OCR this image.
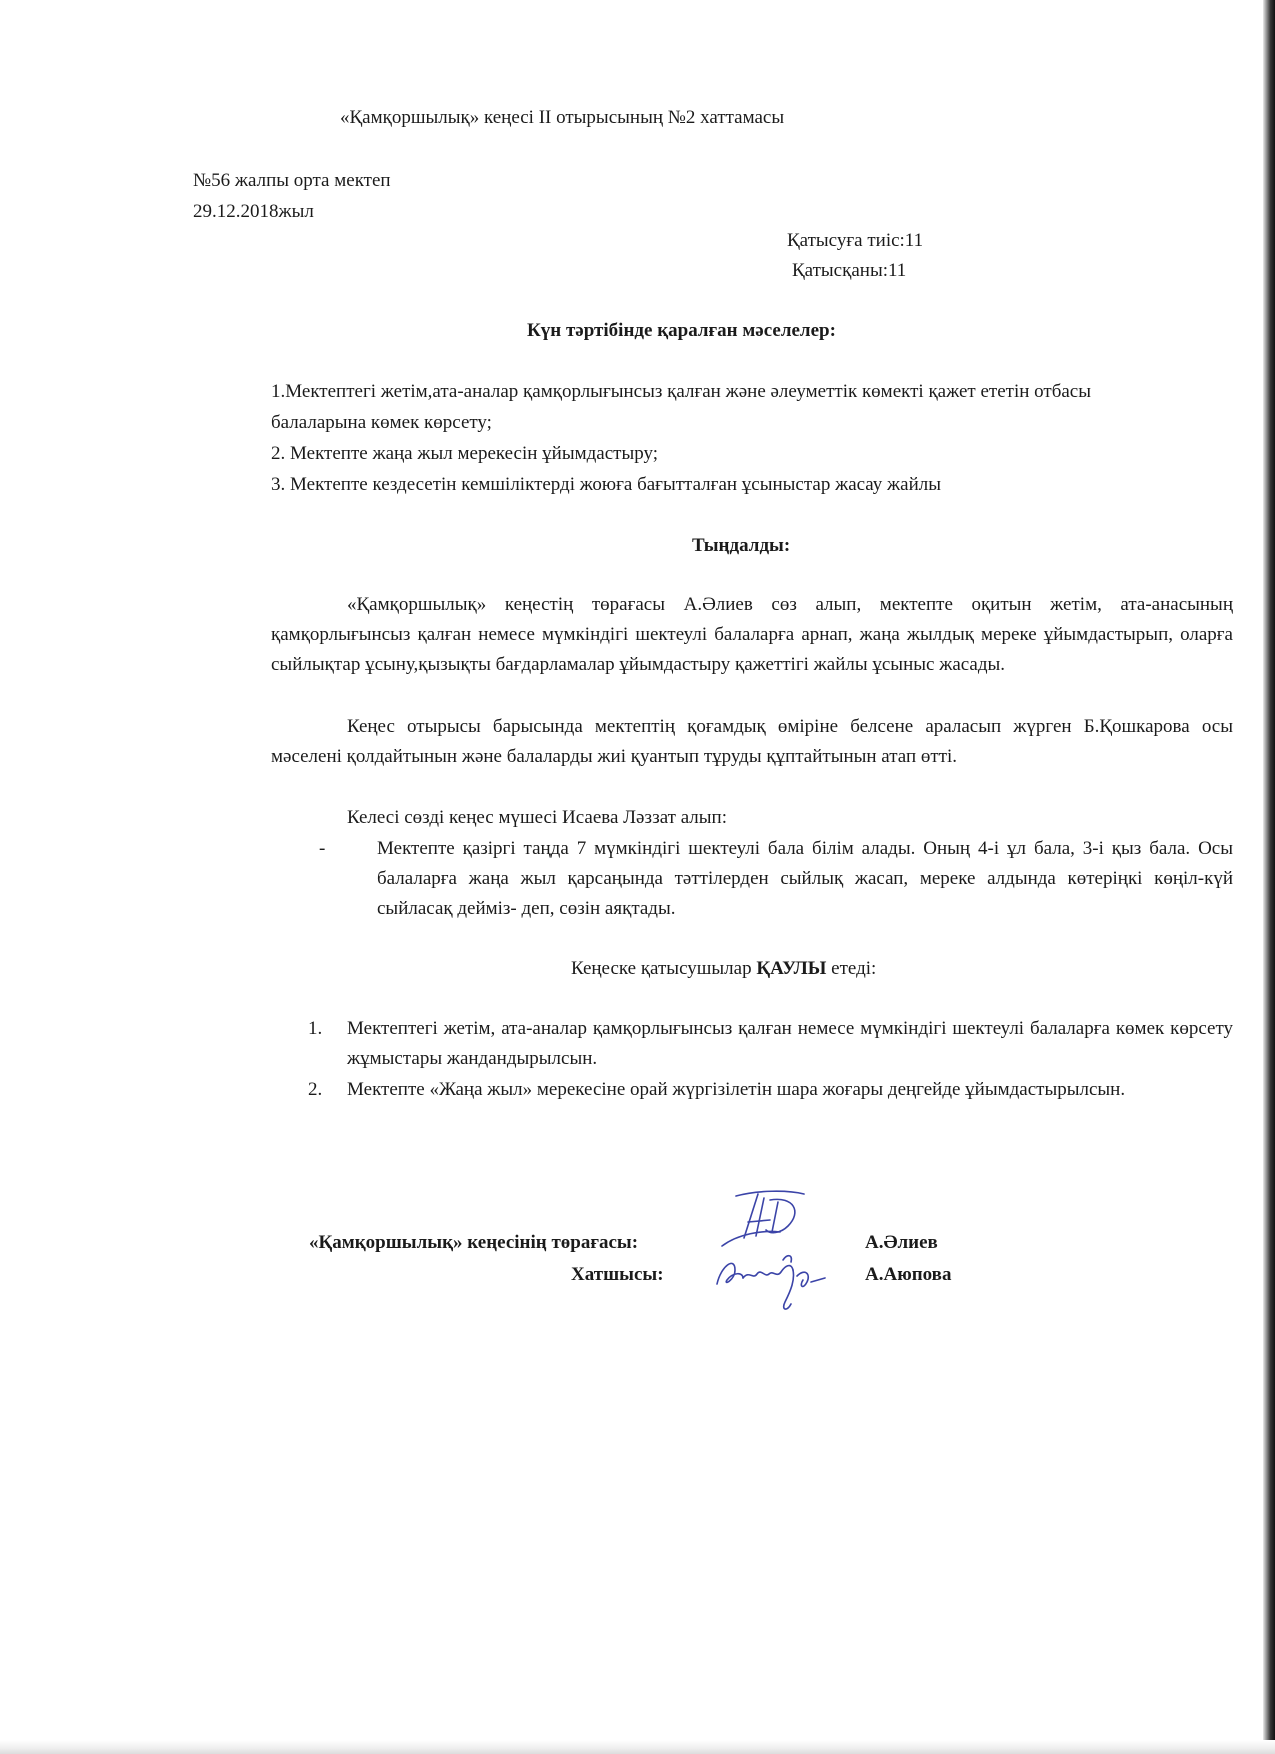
«Қамқоршылық» кеңесі ІІ отырысының №2 хаттамасы
№56 жалпы орта мектеп
29.12.2018жыл
Қатысуға тиіс:11
Қатысқаны:11
Күн тәртібінде қаралған мәселелер:
1.Мектептегі жетім,ата-аналар қамқорлығынсыз қалған және әлеуметтік көмекті қажет ететін отбасы балаларына көмек көрсету;
2. Мектепте жаңа жыл мерекесін ұйымдастыру;
3. Мектепте кездесетін кемшіліктерді жоюға бағытталған ұсыныстар жасау жайлы
Тыңдалды:
«Қамқоршылық» кеңестің төрағасы А.Әлиев сөз алып, мектепте оқитын жетім, ата-анасының қамқорлығынсыз қалған немесе мүмкіндігі шектеулі балаларға арнап, жаңа жылдық мереке ұйымдастырып, оларға сыйлықтар ұсыну,қызықты бағдарламалар ұйымдастыру қажеттігі жайлы ұсыныс жасады.
Кеңес отырысы барысында мектептің қоғамдық өміріне белсене араласып жүрген Б.Қошкарова осы мәселені қолдайтынын және балаларды жиі қуантып тұруды құптайтынын атап өтті.
Келесі сөзді кеңес мүшесі Исаева Ләззат алып:
-	Мектепте қазіргі таңда 7 мүмкіндігі шектеулі бала білім алады. Оның 4-і ұл бала, 3-і қыз бала. Осы балаларға жаңа жыл қарсаңында тәттілерден сыйлық жасап, мереке алдында көтеріңкі көңіл-күй сыйласақ дейміз- деп, сөзін аяқтады.
Кеңеске қатысушылар ҚАУЛЫ етеді:
1. Мектептегі жетім, ата-аналар қамқорлығынсыз қалған немесе мүмкіндігі шектеулі балаларға көмек көрсету жұмыстары жандандырылсын.
2. Мектепте «Жаңа жыл» мерекесіне орай жүргізілетін шара жоғары деңгейде ұйымдастырылсын.
«Қамқоршылық» кеңесінің төрағасы:	А.Әлиев
Хатшысы:	А.Аюпова
